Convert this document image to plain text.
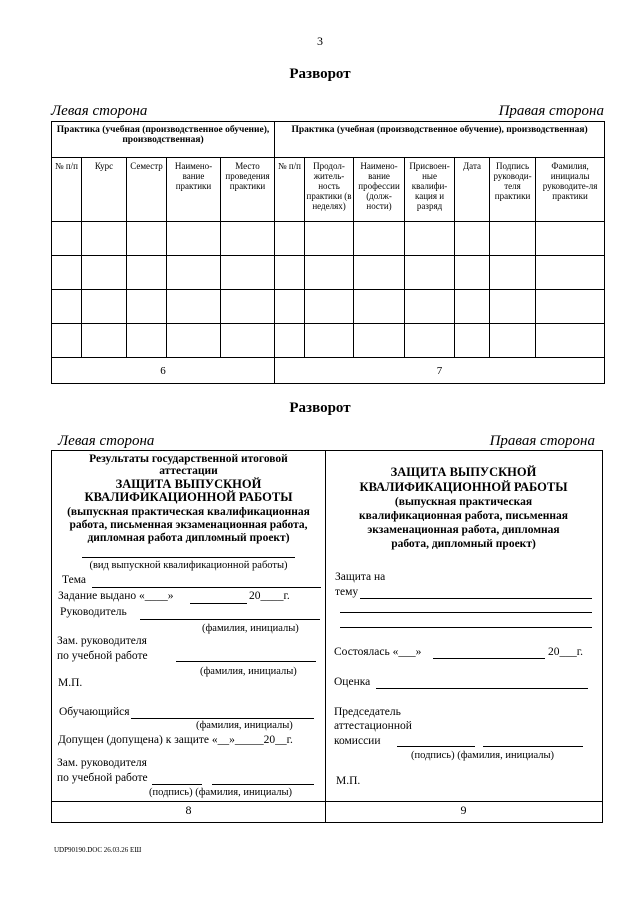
3
Разворот
Левая сторона	Правая сторона
Практика (учебная (производственное обучение), производственная)					Практика (учебная (производственное обучение), производственная)						
№ п/п	Курс	Семестр	Наимено-вание практики	Место проведения практики	№ п/п	Продол-житель-ность практики (в неделях)	Наимено-вание профессии (долж-ности)	Присвоен-ные квалифи-кация и разряд	Дата	Подпись руководи-теля практики	Фамилия, инициалы руководите-ля практики

6					7						
Разворот
Левая сторона	Правая сторона
Результаты государственной итоговой
аттестации
ЗАЩИТА ВЫПУСКНОЙ
КВАЛИФИКАЦИОННОЙ РАБОТЫ
(выпускная практическая квалификационная
работа, письменная экзаменационная работа,
дипломная работа дипломный проект)
(вид выпускной квалификационной работы)
Тема
Задание выдано «____»	20____г.
Руководитель
(фамилия, инициалы)
Зам. руководителя
по учебной работе
(фамилия, инициалы)
М.П.
Обучающийся
(фамилия, инициалы)
Допущен (допущена) к защите «__»_____20__г.
Зам. руководителя
по учебной работе
(подпись) (фамилия, инициалы)
8
ЗАЩИТА ВЫПУСКНОЙ
КВАЛИФИКАЦИОННОЙ РАБОТЫ
(выпускная практическая
квалификационная работа, письменная
экзаменационная работа, дипломная
работа, дипломный проект)
Защита на
тему
Состоялась «___»	20___г.
Оценка
Председатель
аттестационной
комиссии
(подпись) (фамилия, инициалы)
М.П.
9
UDP90190.DOC 26.03.26 ЕШ
